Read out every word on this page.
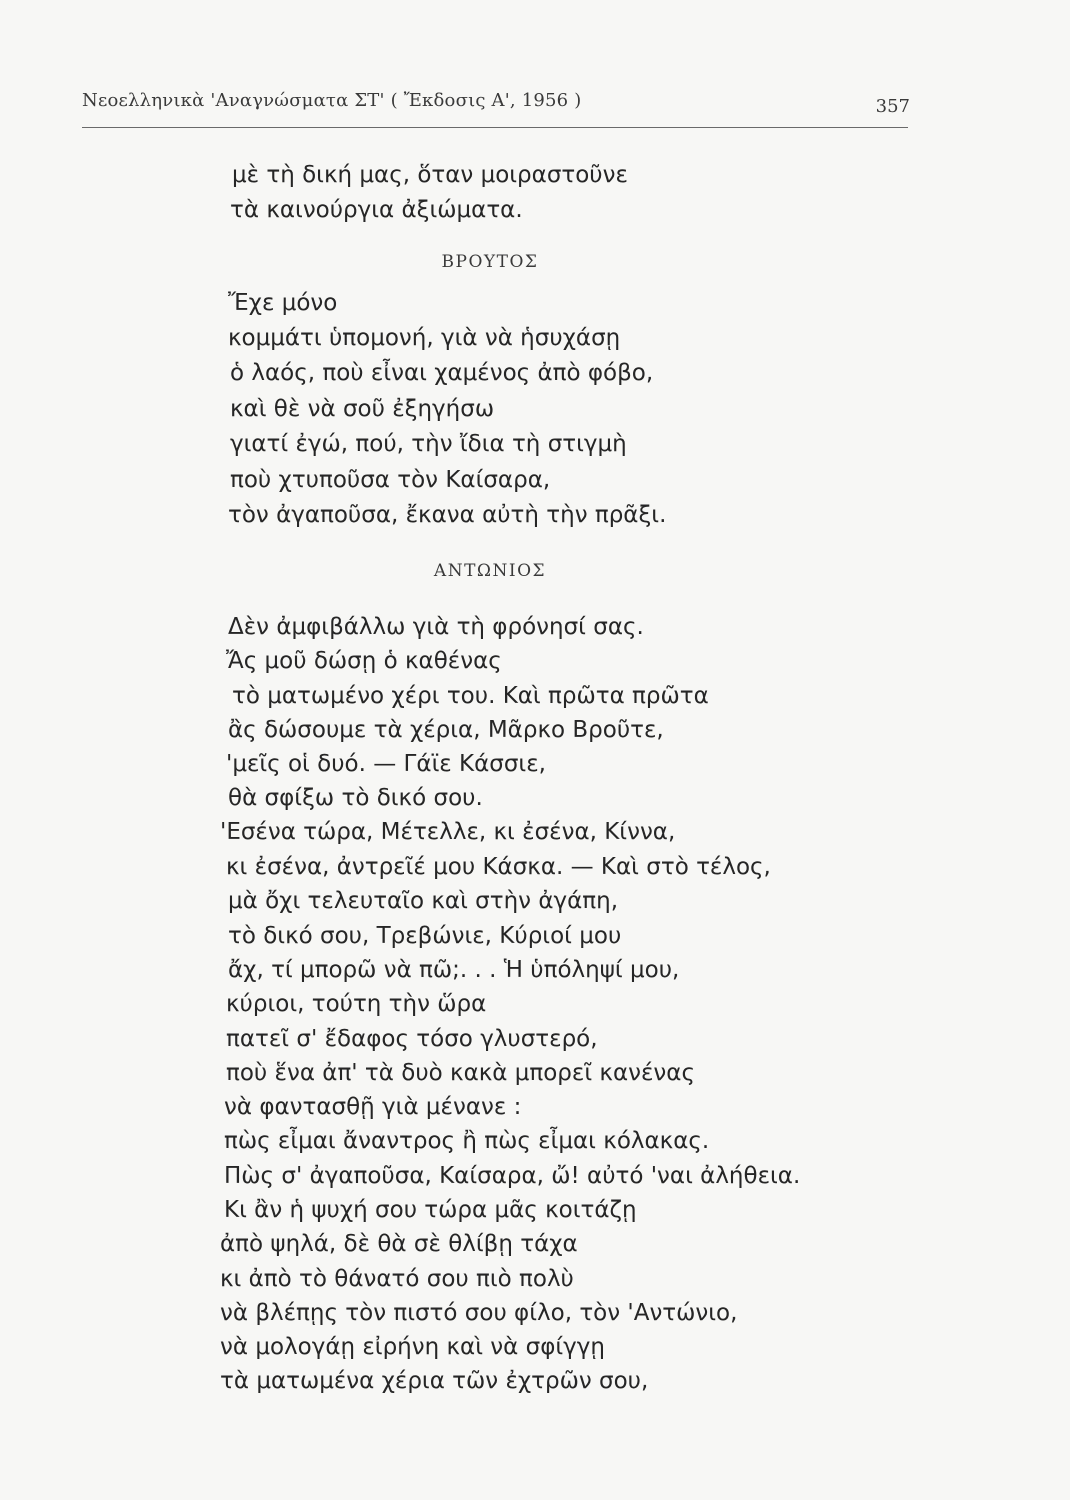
Νεοελληνικὰ 'Αναγνώσματα ΣΤ' ( Ἔκδοσις Α', 1956 )	357
μὲ τὴ δική μας, ὅταν μοιραστοῦνε
τὰ καινούργια ἀξιώματα.
ΒΡΟΥΤΟΣ
Ἔχε μόνο
κομμάτι ὑπομονή, γιὰ νὰ ἡσυχάσῃ
ὁ λαός, ποὺ εἶναι χαμένος ἀπὸ φόβο,
καὶ θὲ νὰ σοῦ ἐξηγήσω
γιατί ἐγώ, πού, τὴν ἴδια τὴ στιγμὴ
ποὺ χτυποῦσα τὸν Καίσαρα,
τὸν ἀγαποῦσα, ἔκανα αὐτὴ τὴν πρᾶξι.
ΑΝΤΩΝΙΟΣ
Δὲν ἀμφιβάλλω γιὰ τὴ φρόνησί σας.
Ἄς μοῦ δώσῃ ὁ καθένας
τὸ ματωμένο χέρι του. Καὶ πρῶτα πρῶτα
ἂς δώσουμε τὰ χέρια, Μᾶρκο Βροῦτε,
'μεῖς οἱ δυό. — Γάϊε Κάσσιε,
θὰ σφίξω τὸ δικό σου.
'Εσένα τώρα, Μέτελλε, κι ἐσένα, Κίννα,
κι ἐσένα, ἀντρεῖέ μου Κάσκα. — Καὶ στὸ τέλος,
μὰ ὄχι τελευταῖο καὶ στὴν ἀγάπη,
τὸ δικό σου, Τρεβώνιε, Κύριοί μου
ἄχ, τί μπορῶ νὰ πῶ;. . . Ἡ ὑπόληψί μου,
κύριοι, τούτη τὴν ὥρα
πατεῖ σ' ἔδαφος τόσο γλυστερό,
ποὺ ἕνα ἀπ' τὰ δυὸ κακὰ μπορεῖ κανένας
νὰ φαντασθῇ γιὰ μένανε :
πὼς εἶμαι ἄναντρος ἢ πὼς εἶμαι κόλακας.
Πὼς σ' ἀγαποῦσα, Καίσαρα, ὤ! αὐτό 'ναι ἀλήθεια.
Κι ἂν ἡ ψυχή σου τώρα μᾶς κοιτάζῃ
ἀπὸ ψηλά, δὲ θὰ σὲ θλίβῃ τάχα
κι ἀπὸ τὸ θάνατό σου πιὸ πολὺ
νὰ βλέπῃς τὸν πιστό σου φίλο, τὸν 'Αντώνιο,
νὰ μολογάῃ εἰρήνη καὶ νὰ σφίγγῃ
τὰ ματωμένα χέρια τῶν ἐχτρῶν σου,
